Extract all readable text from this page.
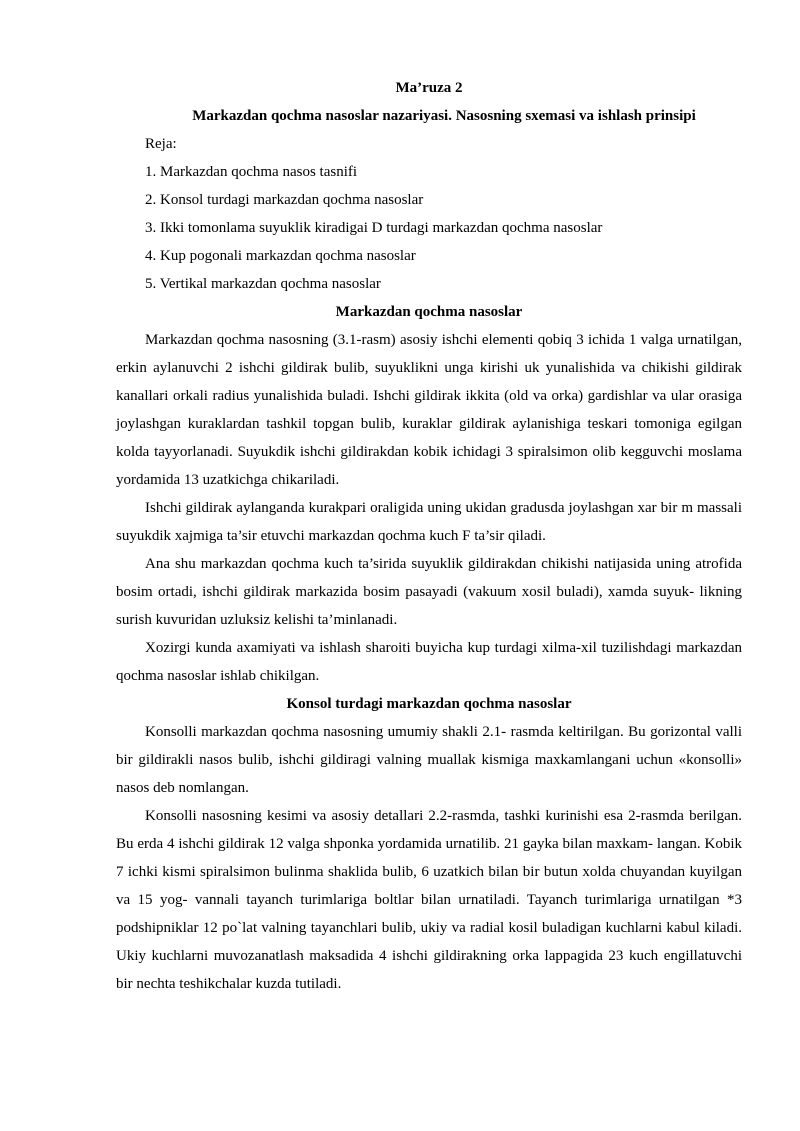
Ma’ruza 2

Markazdan qochma nasoslar nazariyasi. Nasosning sxemasi va ishlash prinsipi

Reja:

1. Markazdan qochma nasos tasnifi
2. Konsol turdagi markazdan qochma nasoslar
3. Ikki tomonlama suyuklik kiradigai D turdagi markazdan qochma nasoslar
4. Kup pogonali markazdan qochma nasoslar
5. Vertikal markazdan qochma nasoslar

Markazdan qochma nasoslar

Markazdan qochma nasosning (3.1-rasm) asosiy ishchi elementi qobiq 3 ichida 1 valga urnatilgan, erkin aylanuvchi 2 ishchi gildirak bulib, suyuklikni unga kirishi uk yunalishida va chikishi gildirak kanallari orkali radius yunalishida buladi. Ishchi gildirak ikkita (old va orka) gardishlar va ular orasiga joylashgan kuraklardan tashkil topgan bulib, kuraklar gildirak aylanishiga teskari tomoniga egilgan kolda tayyorlanadi. Suyukdik ishchi gildirakdan kobik ichidagi 3 spiralsimon olib kegguvchi moslama yordamida 13 uzatkichga chikariladi.

Ishchi gildirak aylanganda kurakpari oraligida uning ukidan gradusda joylashgan xar bir m massali suyukdik xajmiga ta’sir etuvchi markazdan qochma kuch F ta’sir qiladi.

Ana shu markazdan qochma kuch ta’sirida suyuklik gildirakdan chikishi natijasida uning atrofida bosim ortadi, ishchi gildirak markazida bosim pasayadi (vakuum xosil buladi), xamda suyuk- likning surish kuvuridan uzluksiz kelishi ta’minlanadi.

Xozirgi kunda axamiyati va ishlash sharoiti buyicha kup turdagi xilma-xil tuzilishdagi markazdan qochma nasoslar ishlab chikilgan.

Konsol turdagi markazdan qochma nasoslar

Konsolli markazdan qochma nasosning umumiy shakli 2.1- rasmda keltirilgan. Bu gorizontal valli bir gildirakli nasos bulib, ishchi gildiragi valning muallak kismiga maxkamlangani uchun «konsolli» nasos deb nomlangan.

Konsolli nasosning kesimi va asosiy detallari 2.2-rasmda, tashki kurinishi esa 2-rasmda berilgan. Bu erda 4 ishchi gildirak 12 valga shponka yordamida urnatilib. 21 gayka bilan maxkam- langan. Kobik 7 ichki kismi spiralsimon bulinma shaklida bulib, 6 uzatkich bilan bir butun xolda chuyandan kuyilgan va 15 yog- vannali tayanch turimlariga boltlar bilan urnatiladi. Tayanch turimlariga urnatilgan *3 podshipniklar 12 po`lat valning tayanchlari bulib, ukiy va radial kosil buladigan kuchlarni kabul kiladi. Ukiy kuchlarni muvozanatlash maksadida 4 ishchi gildirakning orka lappagida 23 kuch engillatuvchi bir nechta teshikchalar kuzda tutiladi.
